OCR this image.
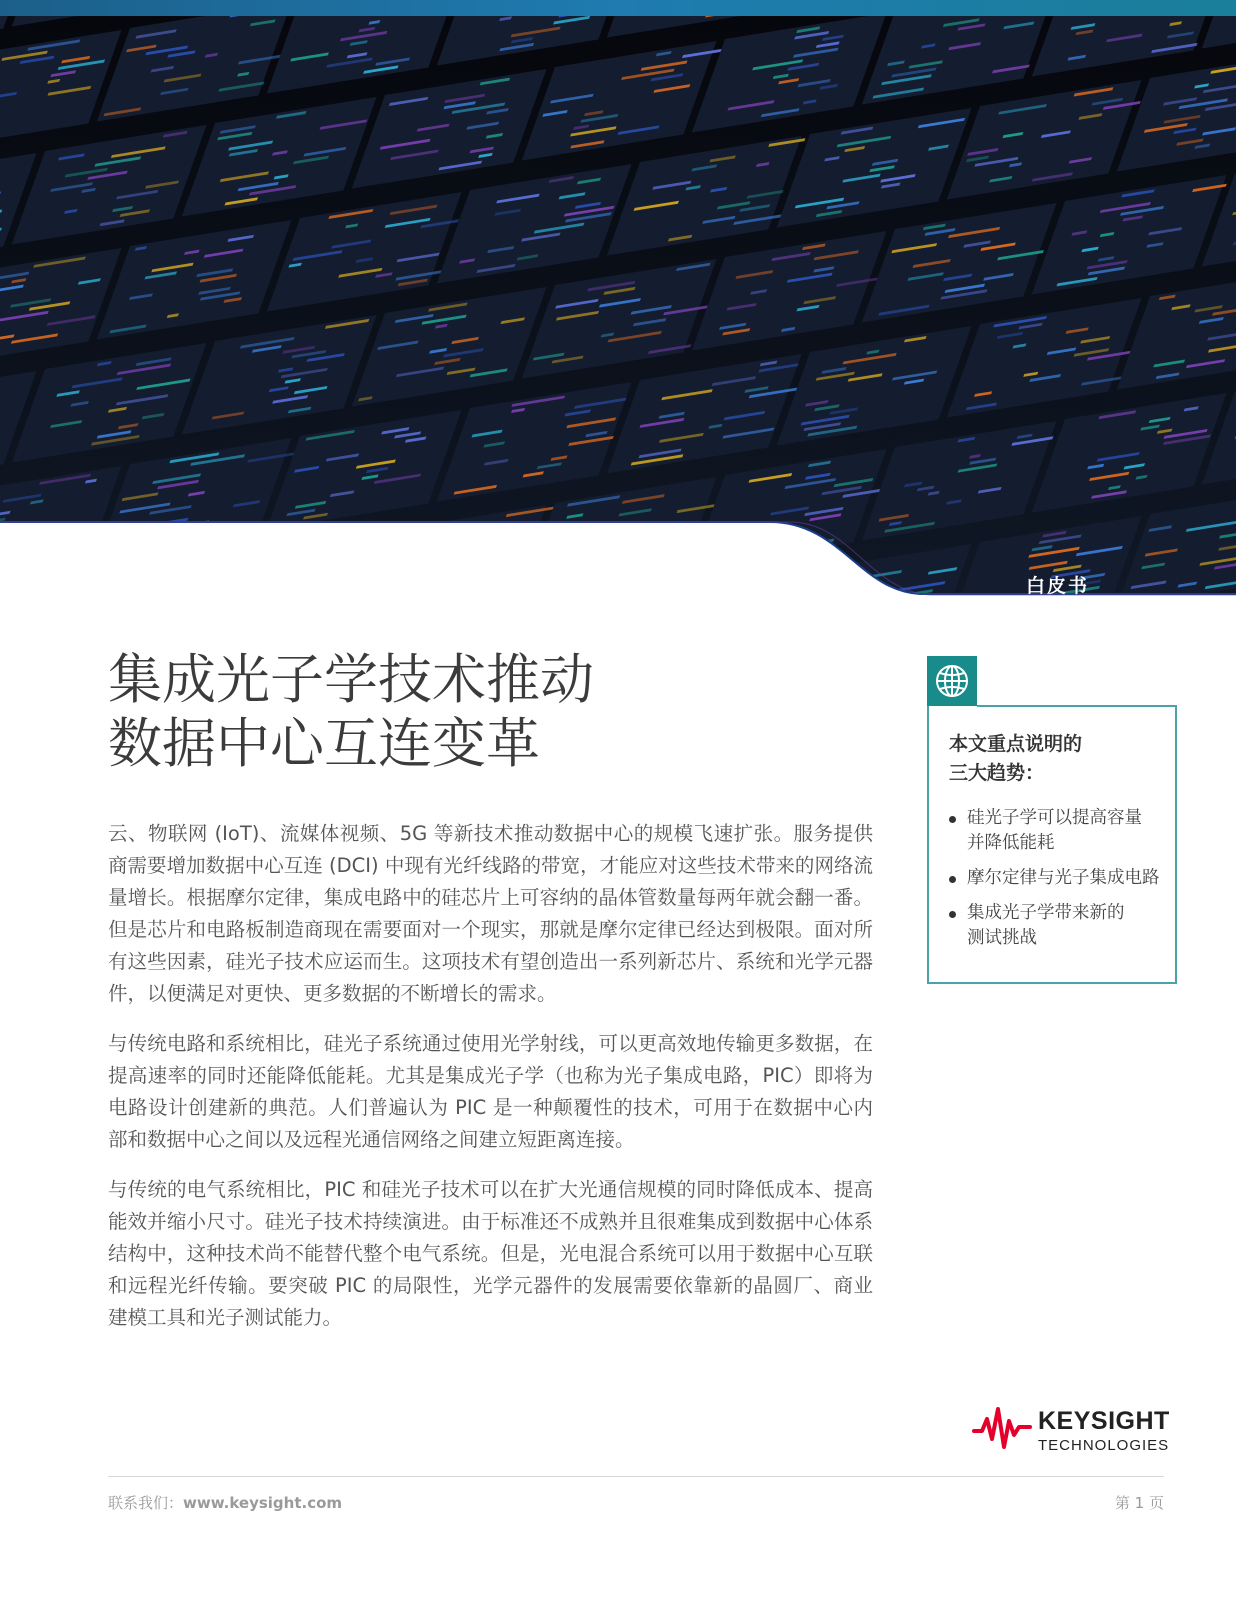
白皮书
集成光子学技术推动
数据中心互连变革

云、物联网 (IoT)、流媒体视频、5G 等新技术推动数据中心的规模飞速扩张。服务提供商需要增加数据中心互连 (DCI) 中现有光纤线路的带宽，才能应对这些技术带来的网络流量增长。根据摩尔定律，集成电路中的硅芯片上可容纳的晶体管数量每两年就会翻一番。但是芯片和电路板制造商现在需要面对一个现实，那就是摩尔定律已经达到极限。面对所有这些因素，硅光子技术应运而生。这项技术有望创造出一系列新芯片、系统和光学元器件，以便满足对更快、更多数据的不断增长的需求。

与传统电路和系统相比，硅光子系统通过使用光学射线，可以更高效地传输更多数据，在提高速率的同时还能降低能耗。尤其是集成光子学（也称为光子集成电路，PIC）即将为电路设计创建新的典范。人们普遍认为 PIC 是一种颠覆性的技术，可用于在数据中心内部和数据中心之间以及远程光通信网络之间建立短距离连接。

与传统的电气系统相比，PIC 和硅光子技术可以在扩大光通信规模的同时降低成本、提高能效并缩小尺寸。硅光子技术持续演进。由于标准还不成熟并且很难集成到数据中心体系结构中，这种技术尚不能替代整个电气系统。但是，光电混合系统可以用于数据中心互联和远程光纤传输。要突破 PIC 的局限性，光学元器件的发展需要依靠新的晶圆厂、商业建模工具和光子测试能力。

本文重点说明的
三大趋势：
硅光子学可以提高容量
并降低能耗
摩尔定律与光子集成电路
集成光子学带来新的
测试挑战
KEYSIGHT
TECHNOLOGIES
联系我们：www.keysight.com	第 1 页
